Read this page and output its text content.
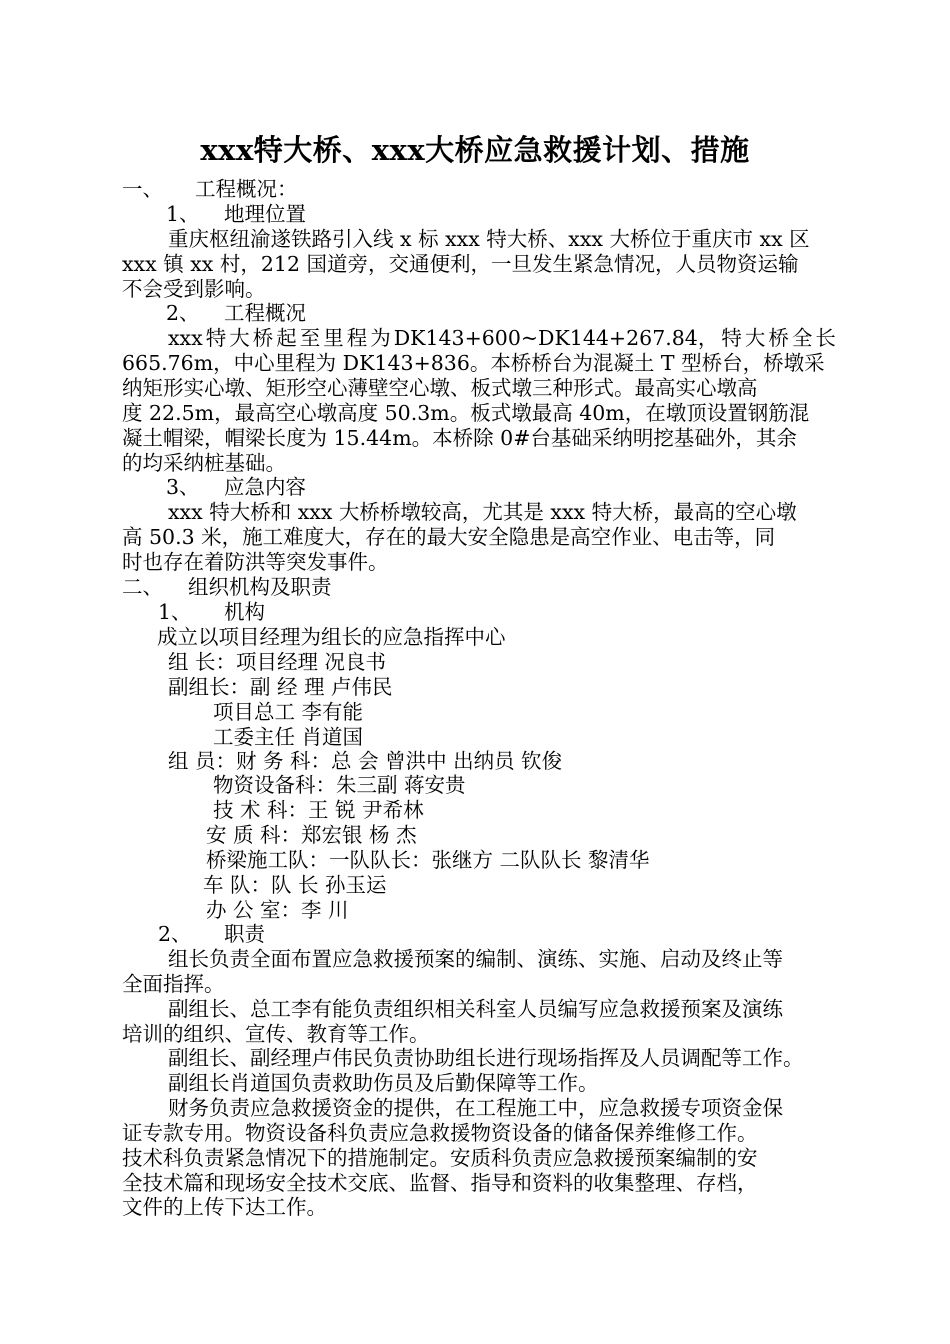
xxx特大桥、xxx大桥应急救援计划、措施
一、 工程概况：
1、 地理位置
重庆枢纽渝遂铁路引入线 x 标 xxx 特大桥、xxx 大桥位于重庆市 xx 区
xxx 镇 xx 村，212 国道旁，交通便利，一旦发生紧急情况，人员物资运输
不会受到影响。
2、 工程概况
xxx 特 大 桥 起 至 里 程 为 DK143+600~DK144+267.84， 特 大 桥 全 长
665.76m，中心里程为 DK143+836。本桥桥台为混凝土 T 型桥台，桥墩采
纳矩形实心墩、矩形空心薄壁空心墩、板式墩三种形式。最高实心墩高
度 22.5m，最高空心墩高度 50.3m。板式墩最高 40m，在墩顶设置钢筋混
凝土帽梁，帽梁长度为 15.44m。本桥除 0#台基础采纳明挖基础外，其余
的均采纳桩基础。
3、 应急内容
xxx 特大桥和 xxx 大桥桥墩较高，尤其是 xxx 特大桥，最高的空心墩
高 50.3 米，施工难度大，存在的最大安全隐患是高空作业、电击等，同
时也存在着防洪等突发事件。
二、 组织机构及职责
1、 机构
成立以项目经理为组长的应急指挥中心
组 长：项目经理 况良书
副组长：副 经 理 卢伟民
项目总工 李有能
工委主任 肖道国
组 员：财 务 科：总 会 曾洪中 出纳员 钦俊
物资设备科：朱三副 蒋安贵
技 术 科：王 锐 尹希林
安 质 科：郑宏银 杨 杰
桥梁施工队：一队队长：张继方 二队队长 黎清华
车 队：队 长 孙玉运
办 公 室：李 川
2、 职责
组长负责全面布置应急救援预案的编制、演练、实施、启动及终止等
全面指挥。
副组长、总工李有能负责组织相关科室人员编写应急救援预案及演练
培训的组织、宣传、教育等工作。
副组长、副经理卢伟民负责协助组长进行现场指挥及人员调配等工作。
副组长肖道国负责救助伤员及后勤保障等工作。
财务负责应急救援资金的提供，在工程施工中，应急救援专项资金保
证专款专用。物资设备科负责应急救援物资设备的储备保养维修工作。
技术科负责紧急情况下的措施制定。安质科负责应急救援预案编制的安
全技术篇和现场安全技术交底、监督、指导和资料的收集整理、存档，
文件的上传下达工作。
